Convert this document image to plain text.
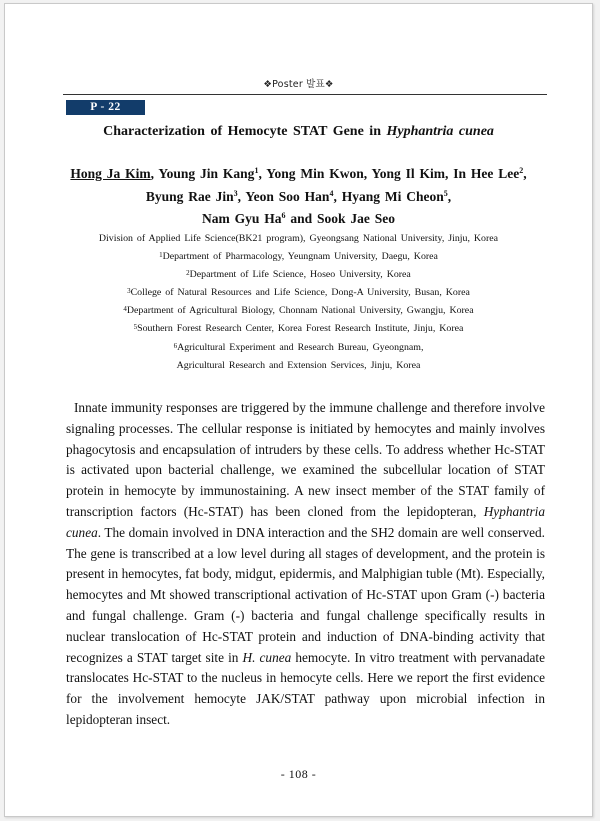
❖Poster 발표❖
P - 22
Characterization of Hemocyte STAT Gene in Hyphantria cunea
Hong Ja Kim, Young Jin Kang$^1$, Yong Min Kwon, Yong Il Kim, In Hee Lee$^2$,
Byung Rae Jin$^3$, Yeon Soo Han$^4$, Hyang Mi Cheon$^5$,
Nam Gyu Ha$^6$ and Sook Jae Seo
Division of Applied Life Science(BK21 program), Gyeongsang National University, Jinju, Korea
$^1$Department of Pharmacology, Yeungnam University, Daegu, Korea
$^2$Department of Life Science, Hoseo University, Korea
$^3$College of Natural Resources and Life Science, Dong-A University, Busan, Korea
$^4$Department of Agricultural Biology, Chonnam National University, Gwangju, Korea
$^5$Southern Forest Research Center, Korea Forest Research Institute, Jinju, Korea
$^6$Agricultural Experiment and Research Bureau, Gyeongnam,
Agricultural Research and Extension Services, Jinju, Korea
Innate immunity responses are triggered by the immune challenge and therefore involve signaling processes. The cellular response is initiated by hemocytes and mainly involves phagocytosis and encapsulation of intruders by these cells. To address whether Hc-STAT is activated upon bacterial challenge, we examined the subcellular location of STAT protein in hemocyte by immunostaining. A new insect member of the STAT family of transcription factors (Hc-STAT) has been cloned from the lepidopteran, Hyphantria cunea. The domain involved in DNA interaction and the SH2 domain are well conserved. The gene is transcribed at a low level during all stages of development, and the protein is present in hemocytes, fat body, midgut, epidermis, and Malphigian tuble (Mt). Especially, hemocytes and Mt showed transcriptional activation of Hc-STAT upon Gram (-) bacteria and fungal challenge. Gram (-) bacteria and fungal challenge specifically results in nuclear translocation of Hc-STAT protein and induction of DNA-binding activity that recognizes a STAT target site in H. cunea hemocyte. In vitro treatment with pervanadate translocates Hc-STAT to the nucleus in hemocyte cells. Here we report the first evidence for the involvement hemocyte JAK/STAT pathway upon microbial infection in lepidopteran insect.
- 108 -
